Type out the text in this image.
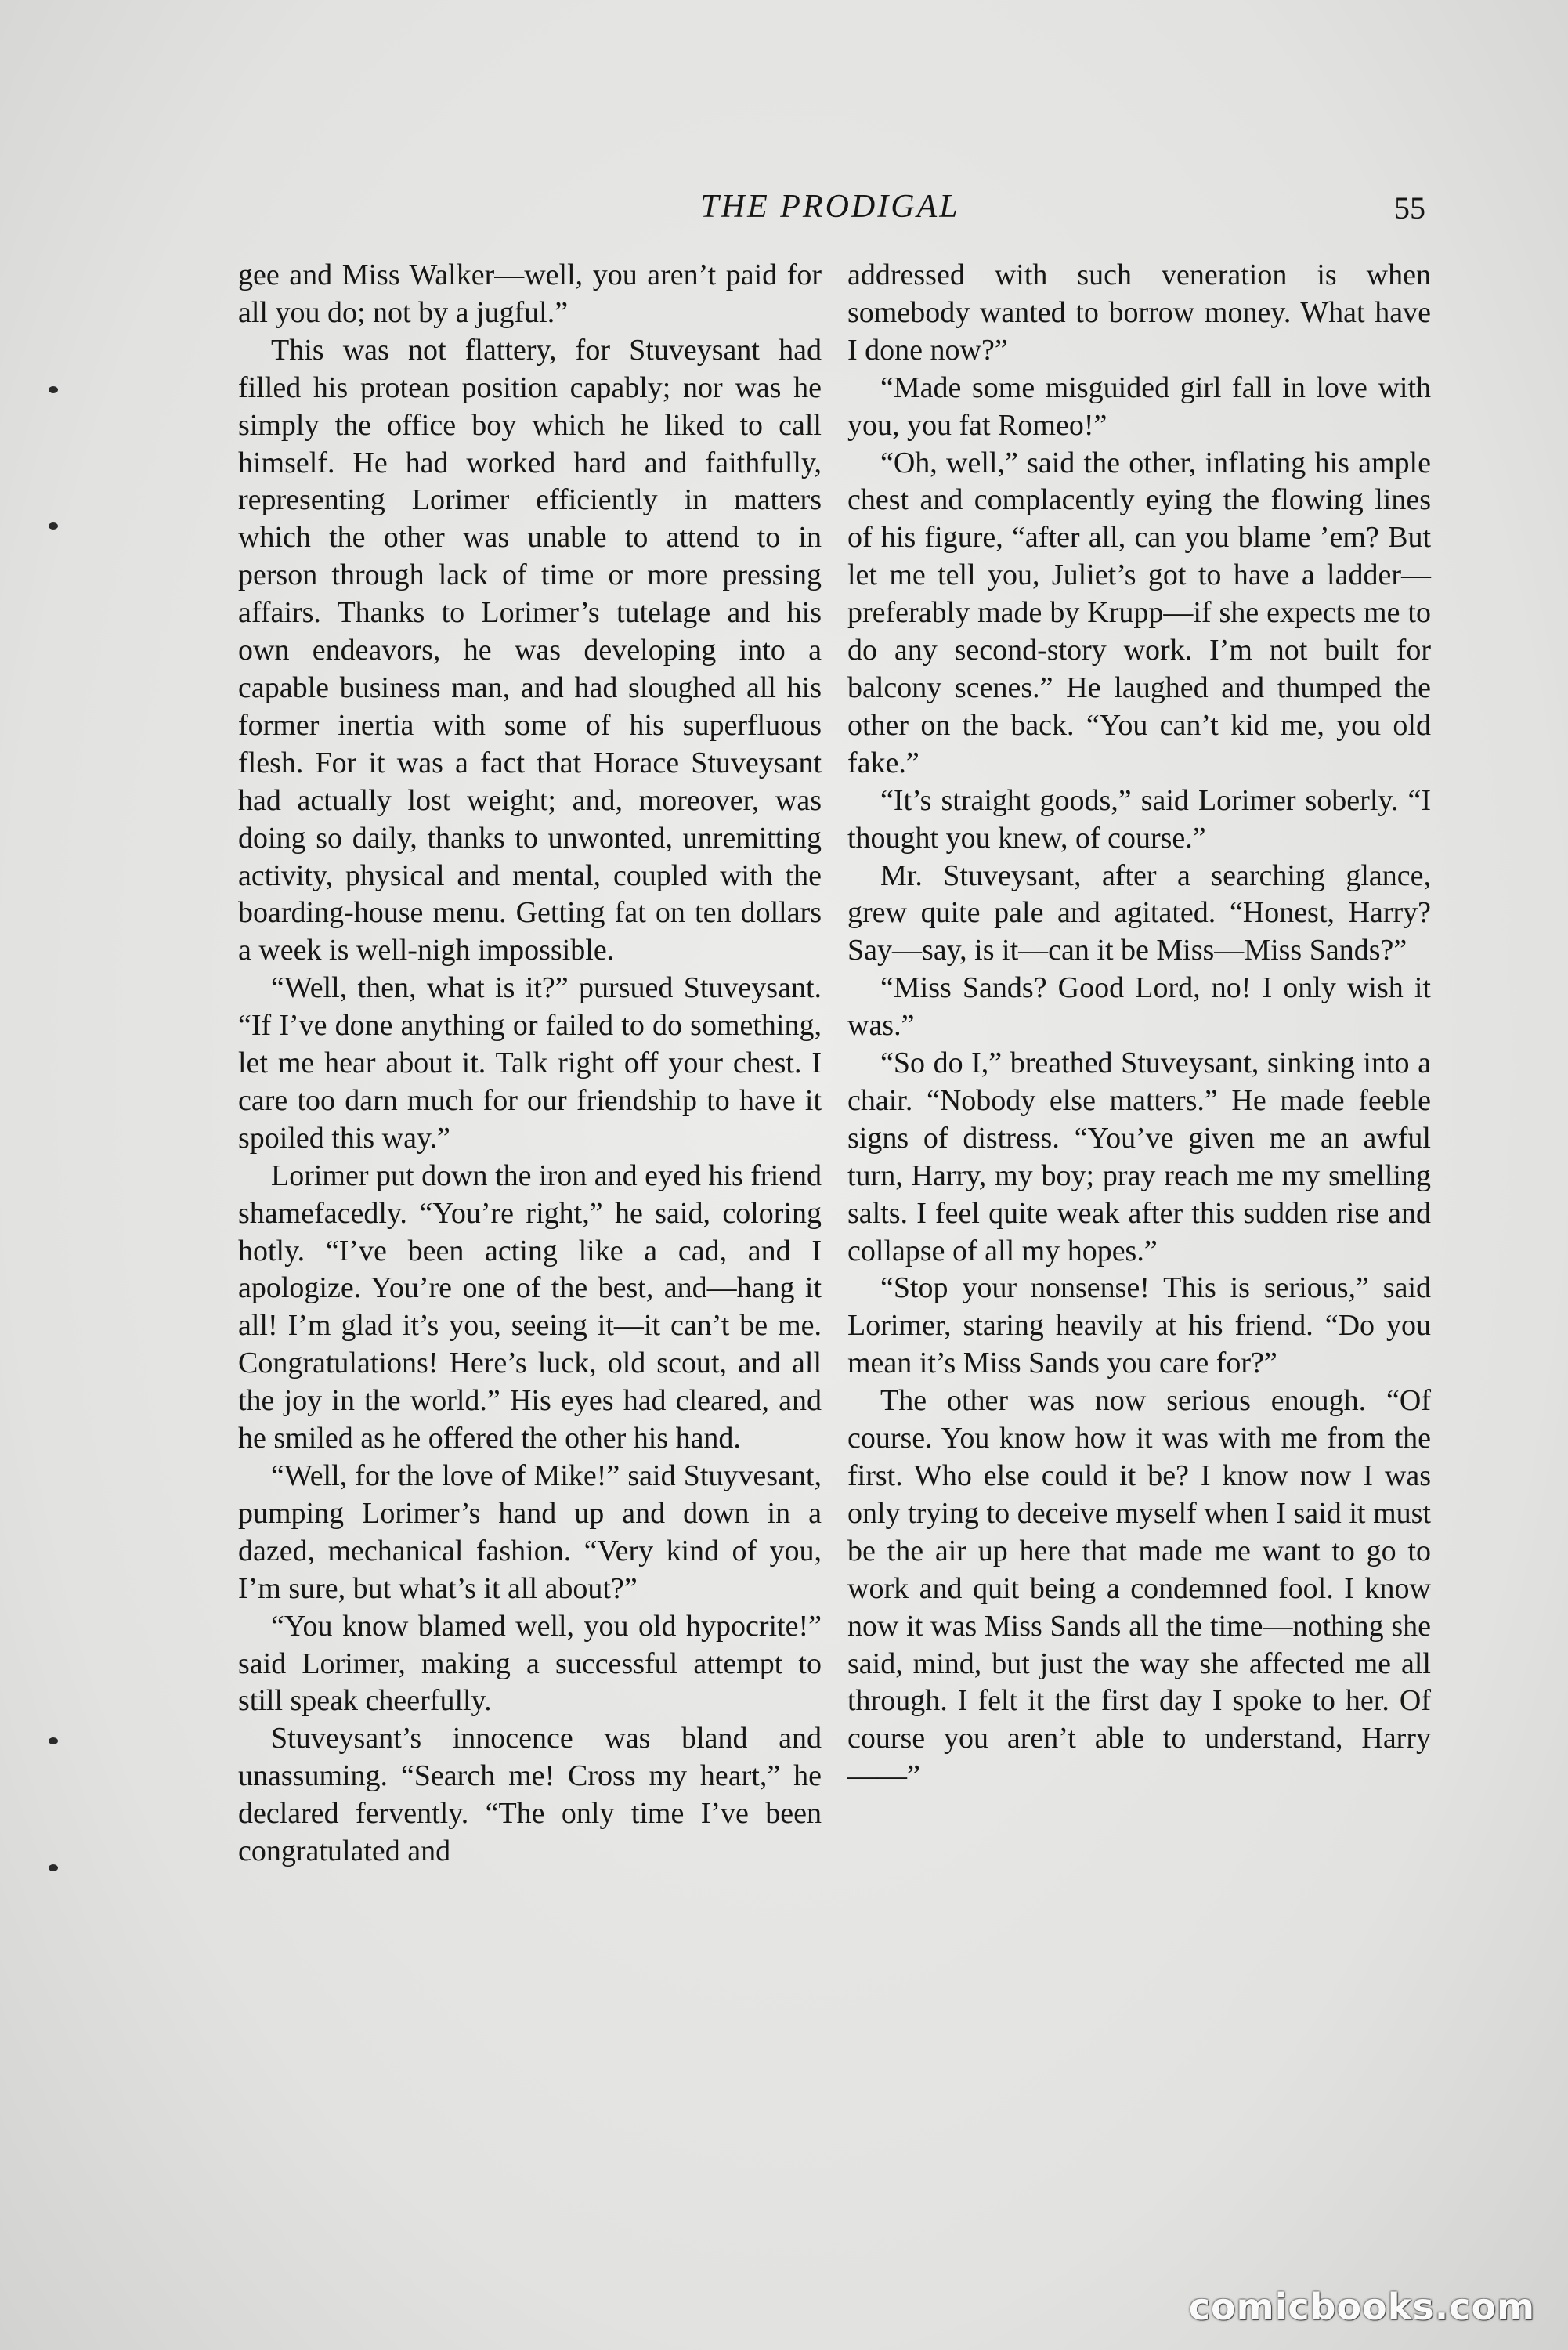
THE PRODIGAL	55

gee and Miss Walker—well, you aren’t paid for all you do; not by a jugful.”

This was not flattery, for Stuveysant had filled his protean position capably; nor was he simply the office boy which he liked to call himself. He had worked hard and faithfully, representing Lorimer efficiently in matters which the other was unable to attend to in person through lack of time or more pressing affairs. Thanks to Lorimer’s tutelage and his own endeavors, he was developing into a capable business man, and had sloughed all his former inertia with some of his superfluous flesh. For it was a fact that Horace Stuveysant had actually lost weight; and, moreover, was doing so daily, thanks to unwonted, unremitting activity, physical and mental, coupled with the boarding-house menu. Getting fat on ten dollars a week is well-nigh impossible.

“Well, then, what is it?” pursued Stuveysant. “If I’ve done anything or failed to do something, let me hear about it. Talk right off your chest. I care too darn much for our friendship to have it spoiled this way.”

Lorimer put down the iron and eyed his friend shamefacedly. “You’re right,” he said, coloring hotly. “I’ve been acting like a cad, and I apologize. You’re one of the best, and—hang it all! I’m glad it’s you, seeing it—it can’t be me. Congratulations! Here’s luck, old scout, and all the joy in the world.” His eyes had cleared, and he smiled as he offered the other his hand.

“Well, for the love of Mike!” said Stuyvesant, pumping Lorimer’s hand up and down in a dazed, mechanical fashion. “Very kind of you, I’m sure, but what’s it all about?”

“You know blamed well, you old hypocrite!” said Lorimer, making a successful attempt to still speak cheerfully.

Stuveysant’s innocence was bland and unassuming. “Search me! Cross my heart,” he declared fervently. “The only time I’ve been congratulated and

addressed with such veneration is when somebody wanted to borrow money. What have I done now?”

“Made some misguided girl fall in love with you, you fat Romeo!”

“Oh, well,” said the other, inflating his ample chest and complacently eying the flowing lines of his figure, “after all, can you blame ’em? But let me tell you, Juliet’s got to have a ladder—preferably made by Krupp—if she expects me to do any second-story work. I’m not built for balcony scenes.” He laughed and thumped the other on the back. “You can’t kid me, you old fake.”

“It’s straight goods,” said Lorimer soberly. “I thought you knew, of course.”

Mr. Stuveysant, after a searching glance, grew quite pale and agitated. “Honest, Harry? Say—say, is it—can it be Miss—Miss Sands?”

“Miss Sands? Good Lord, no! I only wish it was.”

“So do I,” breathed Stuveysant, sinking into a chair. “Nobody else matters.” He made feeble signs of distress. “You’ve given me an awful turn, Harry, my boy; pray reach me my smelling salts. I feel quite weak after this sudden rise and collapse of all my hopes.”

“Stop your nonsense! This is serious,” said Lorimer, staring heavily at his friend. “Do you mean it’s Miss Sands you care for?”

The other was now serious enough. “Of course. You know how it was with me from the first. Who else could it be? I know now I was only trying to deceive myself when I said it must be the air up here that made me want to go to work and quit being a condemned fool. I know now it was Miss Sands all the time—nothing she said, mind, but just the way she affected me all through. I felt it the first day I spoke to her. Of course you aren’t able to understand, Harry——”

comicbooks.com
